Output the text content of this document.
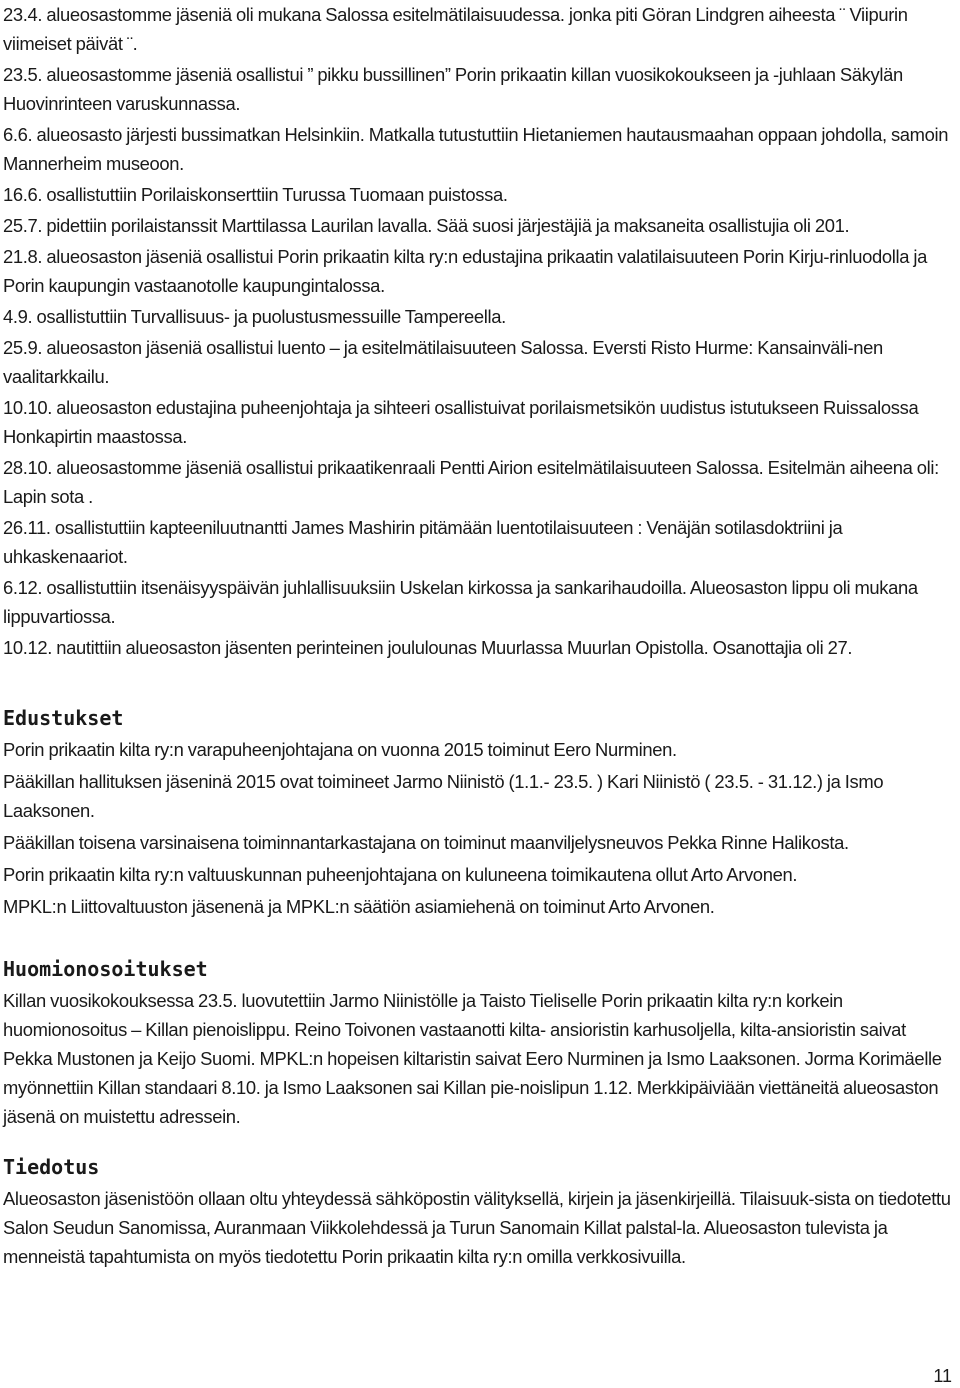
23.4. alueosastomme jäseniä oli mukana Salossa esitelmätilaisuudessa. jonka piti Göran Lindgren aiheesta ¨ Viipurin viimeiset päivät ¨.

23.5. alueosastomme jäseniä osallistui ” pikku bussillinen” Porin prikaatin killan vuosikokoukseen ja -juhlaan Säkylän Huovinrinteen varuskunnassa.

6.6. alueosasto järjesti bussimatkan Helsinkiin. Matkalla tutustuttiin Hietaniemen hautausmaahan oppaan johdolla, samoin Mannerheim museoon.

16.6. osallistuttiin Porilaiskonserttiin Turussa Tuomaan puistossa.

25.7. pidettiin porilaistanssit Marttilassa Laurilan lavalla. Sää suosi järjestäjiä ja maksaneita osallistujia oli 201.

21.8. alueosaston jäseniä osallistui Porin prikaatin kilta ry:n edustajina prikaatin valatilaisuuteen Porin Kirju-rinluodolla ja Porin kaupungin vastaanotolle kaupungintalossa.

4.9. osallistuttiin Turvallisuus- ja puolustusmessuille Tampereella.

25.9. alueosaston jäseniä osallistui luento – ja esitelmätilaisuuteen Salossa. Eversti Risto Hurme: Kansainväli-nen vaalitarkkailu.

10.10. alueosaston edustajina puheenjohtaja ja sihteeri osallistuivat porilaismetsikön uudistus istutukseen Ruissalossa Honkapirtin maastossa.

28.10. alueosastomme jäseniä osallistui prikaatikenraali Pentti Airion esitelmätilaisuuteen Salossa. Esitelmän aiheena oli: Lapin sota .

26.11. osallistuttiin kapteeniluutnantti James Mashirin pitämään luentotilaisuuteen : Venäjän sotilasdoktriini ja uhkaskenaariot.

6.12. osallistuttiin itsenäisyyspäivän juhlallisuuksiin Uskelan kirkossa ja sankarihaudoilla. Alueosaston lippu oli mukana lippuvartiossa.

10.12. nautittiin alueosaston jäsenten perinteinen joululounas Muurlassa Muurlan Opistolla. Osanottajia oli 27.

Edustukset

Porin prikaatin kilta ry:n varapuheenjohtajana on vuonna 2015 toiminut Eero Nurminen.

Pääkillan hallituksen jäseninä 2015 ovat toimineet Jarmo Niinistö (1.1.- 23.5. ) Kari Niinistö ( 23.5. - 31.12.) ja Ismo Laaksonen.

Pääkillan toisena varsinaisena toiminnantarkastajana on toiminut maanviljelysneuvos Pekka Rinne Halikosta.

Porin prikaatin kilta ry:n valtuuskunnan puheenjohtajana on kuluneena toimikautena ollut Arto Arvonen.

MPKL:n Liittovaltuuston jäsenenä ja MPKL:n säätiön asiamiehenä on toiminut Arto Arvonen.

Huomionosoitukset

Killan vuosikokouksessa 23.5. luovutettiin Jarmo Niinistölle ja Taisto Tieliselle Porin prikaatin kilta ry:n korkein huomionosoitus – Killan pienoislippu. Reino Toivonen vastaanotti kilta- ansioristin karhusoljella, kilta-ansioristin saivat Pekka Mustonen ja Keijo Suomi. MPKL:n hopeisen kiltaristin saivat Eero Nurminen ja Ismo Laaksonen. Jorma Korimäelle myönnettiin Killan standaari 8.10. ja Ismo Laaksonen sai Killan pie-noislipun 1.12. Merkkipäiviään viettäneitä alueosaston jäsenä on muistettu adressein.

Tiedotus

Alueosaston jäsenistöön ollaan oltu yhteydessä sähköpostin välityksellä, kirjein ja jäsenkirjeillä. Tilaisuuk-sista on tiedotettu Salon Seudun Sanomissa, Auranmaan Viikkolehdessä ja Turun Sanomain Killat palstal-la. Alueosaston tulevista ja menneistä tapahtumista on myös tiedotettu Porin prikaatin kilta ry:n omilla verkkosivuilla.

11
